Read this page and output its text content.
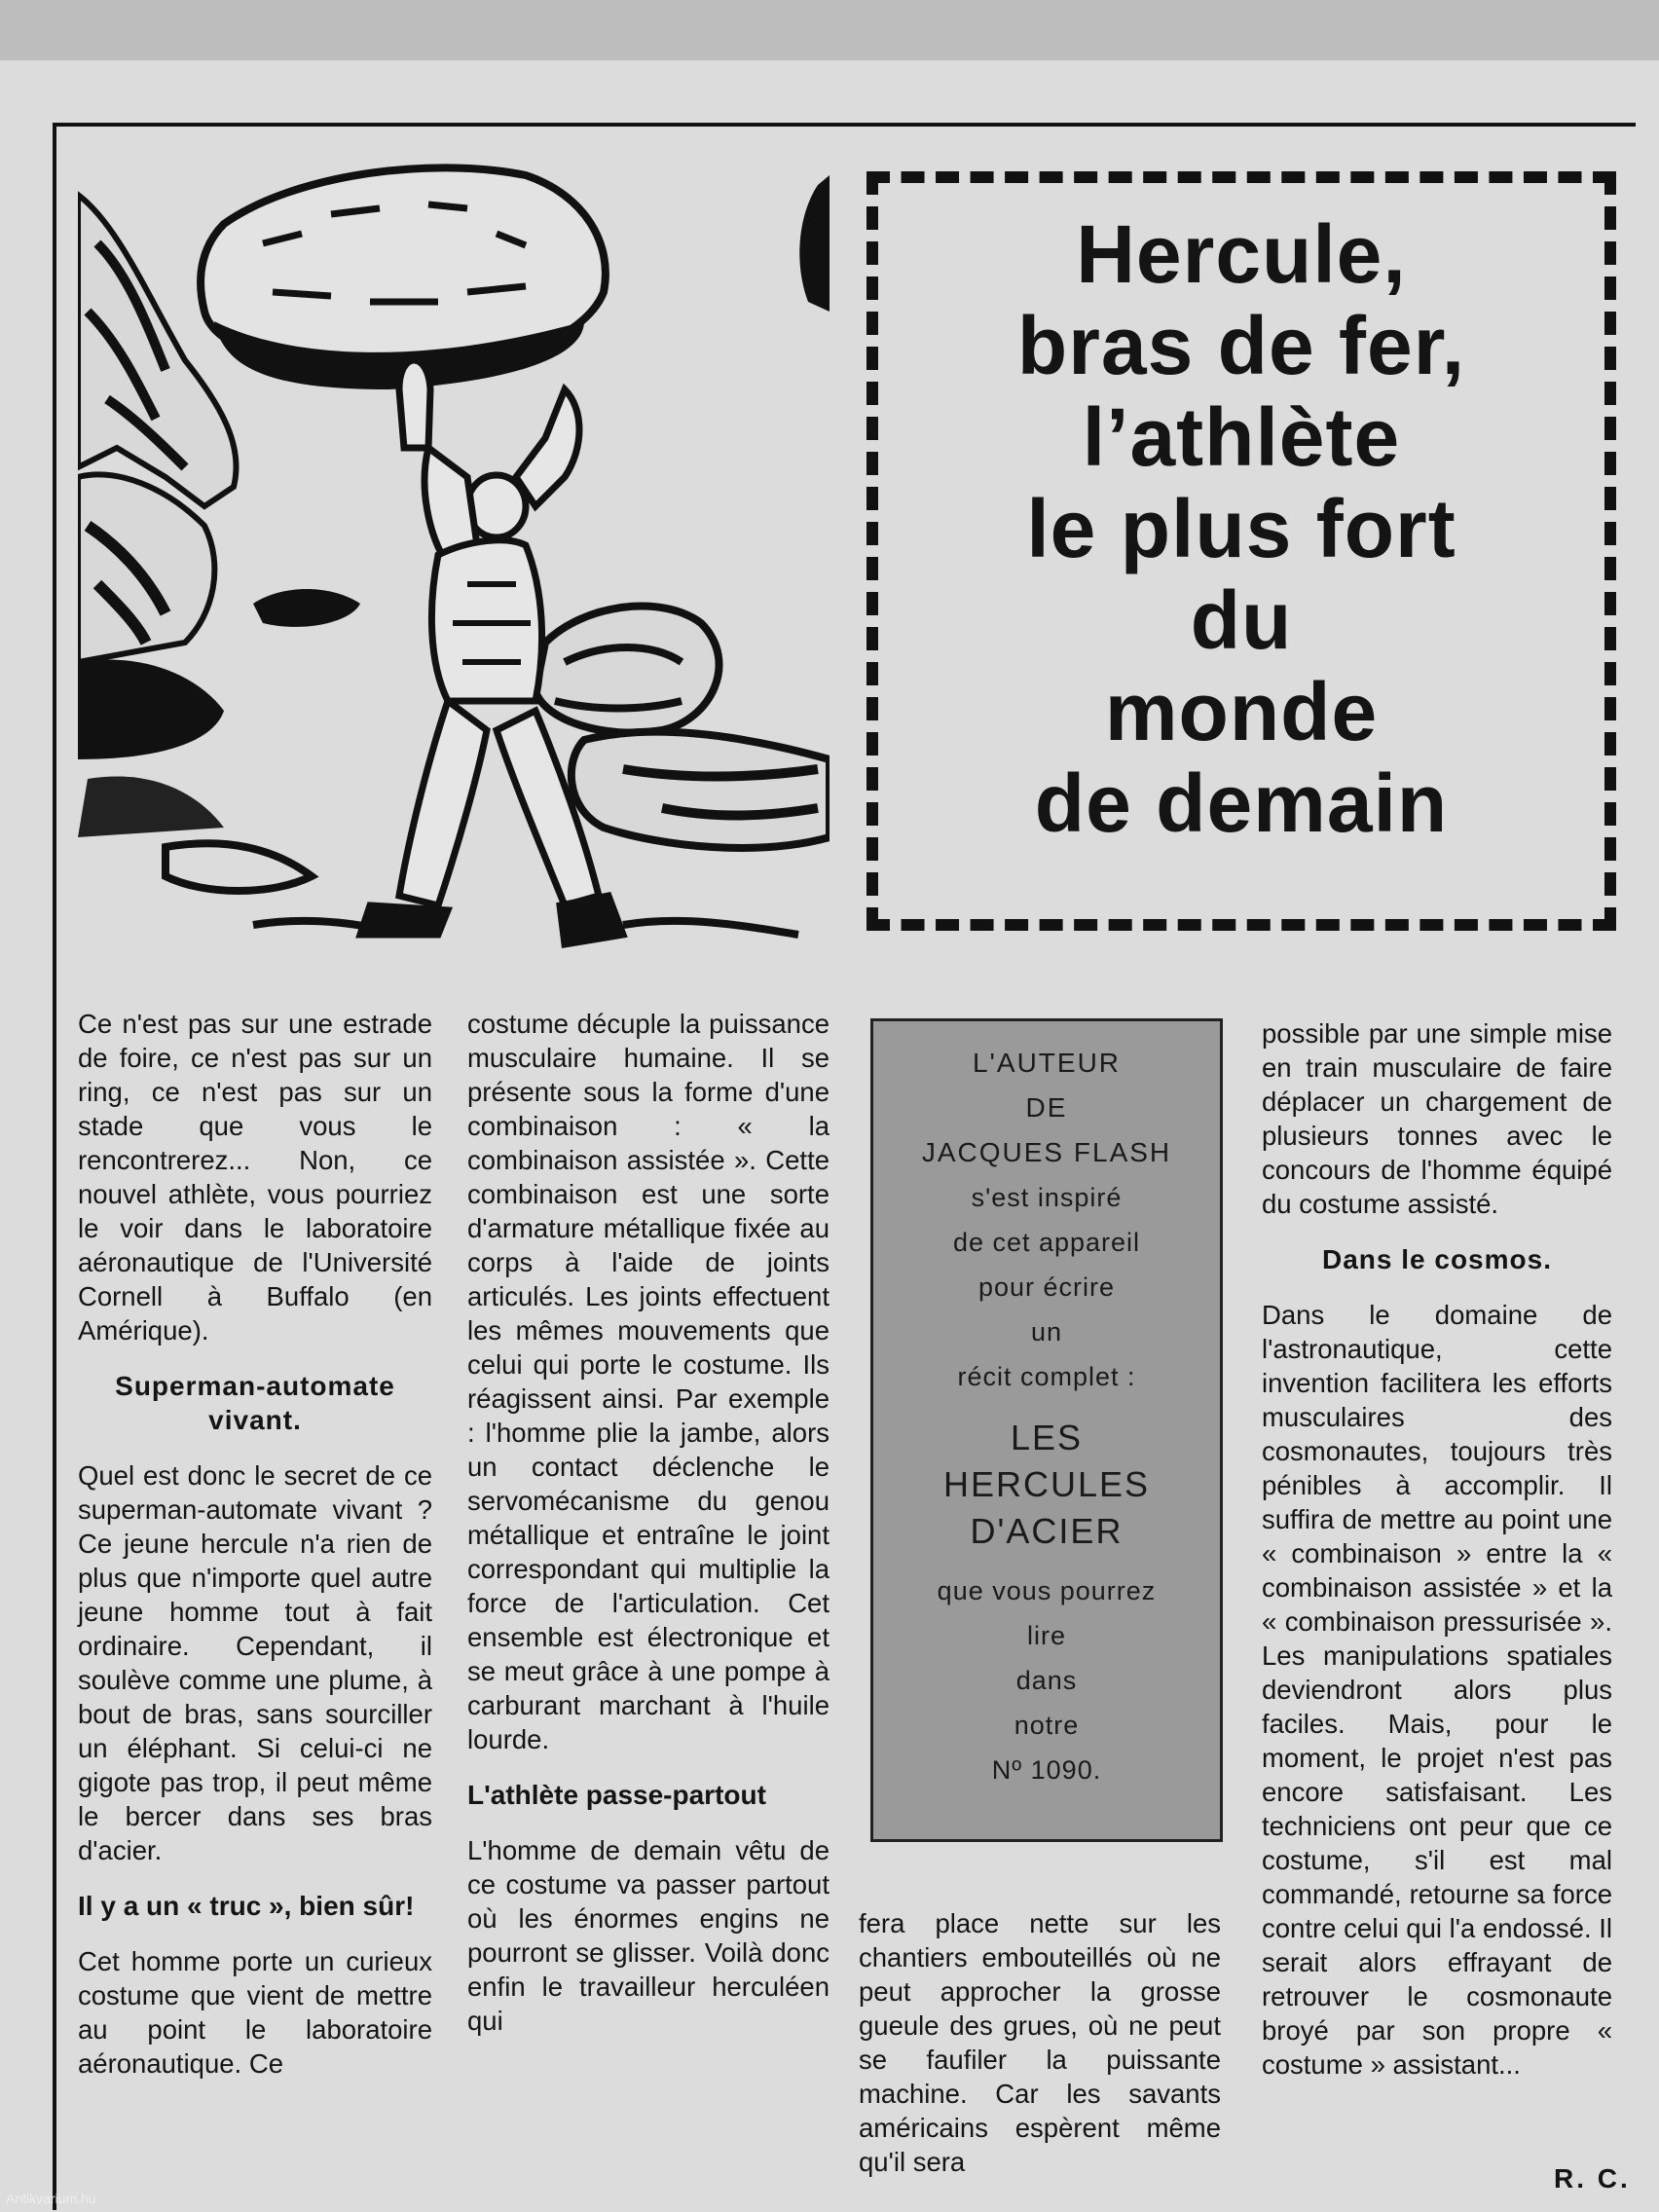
Hercule,
bras de fer,
l’athlète
le plus fort
du
monde
de demain

Ce n'est pas sur une estrade de foire, ce n'est pas sur un ring, ce n'est pas sur un stade que vous le rencontrerez... Non, ce nouvel athlète, vous pourriez le voir dans le laboratoire aéronautique de l'Université Cornell à Buffalo (en Amérique).

Superman-automate vivant.

Quel est donc le secret de ce superman-automate vivant ? Ce jeune hercule n'a rien de plus que n'importe quel autre jeune homme tout à fait ordinaire. Cependant, il soulève comme une plume, à bout de bras, sans sourciller un éléphant. Si celui-ci ne gigote pas trop, il peut même le bercer dans ses bras d'acier.

Il y a un « truc », bien sûr!

Cet homme porte un curieux costume que vient de mettre au point le laboratoire aéronautique. Ce

costume décuple la puissance musculaire humaine. Il se présente sous la forme d'une combinaison : « la combinaison assistée ». Cette combinaison est une sorte d'armature métallique fixée au corps à l'aide de joints articulés. Les joints effectuent les mêmes mouvements que celui qui porte le costume. Ils réagissent ainsi. Par exemple : l'homme plie la jambe, alors un contact déclenche le servomécanisme du genou métallique et entraîne le joint correspondant qui multiplie la force de l'articulation. Cet ensemble est électronique et se meut grâce à une pompe à carburant marchant à l'huile lourde.

L'athlète passe-partout

L'homme de demain vêtu de ce costume va passer partout où les énormes engins ne pourront se glisser. Voilà donc enfin le travailleur herculéen qui

L'AUTEUR
DE
JACQUES FLASH
s'est inspiré
de cet appareil
pour écrire
un
récit complet :
LES
HERCULES
D'ACIER
que vous pourrez
lire
dans
notre
Nº 1090.

fera place nette sur les chantiers embouteillés où ne peut approcher la grosse gueule des grues, où ne peut se faufiler la puissante machine. Car les savants américains espèrent même qu'il sera

possible par une simple mise en train musculaire de faire déplacer un chargement de plusieurs tonnes avec le concours de l'homme équipé du costume assisté.

Dans le cosmos.

Dans le domaine de l'astronautique, cette invention facilitera les efforts musculaires des cosmonautes, toujours très pénibles à accomplir. Il suffira de mettre au point une « combinaison » entre la « combinaison assistée » et la « combinaison pressurisée ». Les manipulations spatiales deviendront alors plus faciles. Mais, pour le moment, le projet n'est pas encore satisfaisant. Les techniciens ont peur que ce costume, s'il est mal commandé, retourne sa force contre celui qui l'a endossé. Il serait alors effrayant de retrouver le cosmonaute broyé par son propre « costume » assistant...

R. C.
Antikvarium.hu
